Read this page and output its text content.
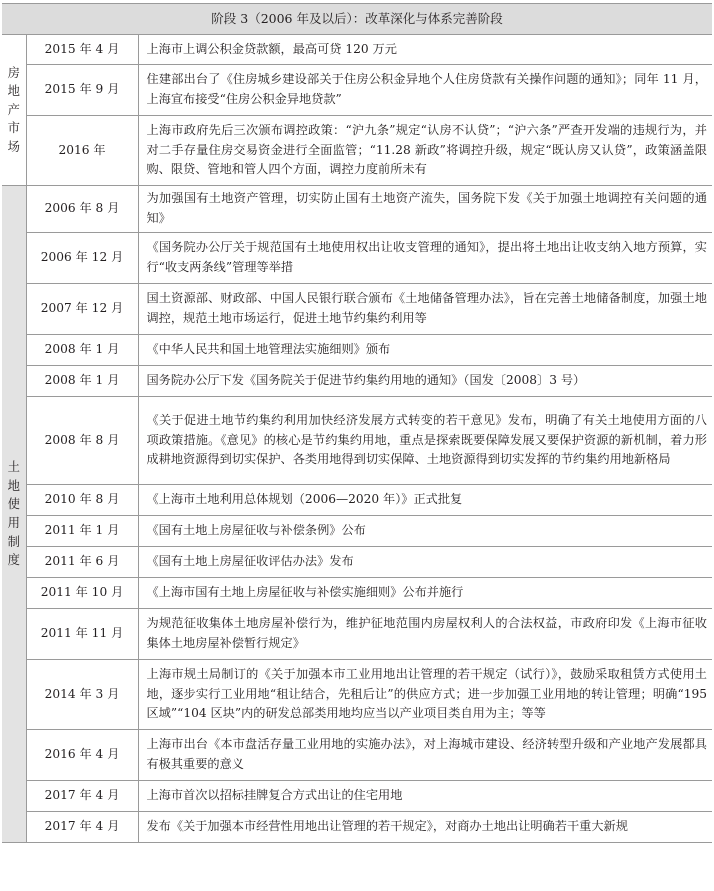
阶段 3（2006 年及以后）：改革深化与体系完善阶段		

房地产市场	2015 年 4 月	上海市上调公积金贷款额，最高可贷 120 万元
	2015 年 9 月	住建部出台了《住房城乡建设部关于住房公积金异地个人住房贷款有关操作问题的通知》；同年 11 月，上海宣布接受“住房公积金异地贷款”
	2016 年	上海市政府先后三次颁布调控政策：“沪九条”规定“认房不认贷”；“沪六条”严查开发端的违规行为，并对二手存量住房交易资金进行全面监管；“11.28 新政”将调控升级，规定“既认房又认贷”，政策涵盖限购、限贷、管地和管人四个方面，调控力度前所未有

土地使用制度	2006 年 8 月	为加强国有土地资产管理，切实防止国有土地资产流失，国务院下发《关于加强土地调控有关问题的通知》
	2006 年 12 月	《国务院办公厅关于规范国有土地使用权出让收支管理的通知》，提出将土地出让收支纳入地方预算，实行“收支两条线”管理等举措
	2007 年 12 月	国土资源部、财政部、中国人民银行联合颁布《土地储备管理办法》，旨在完善土地储备制度，加强土地调控，规范土地市场运行，促进土地节约集约利用等
	2008 年 1 月	《中华人民共和国土地管理法实施细则》颁布
	2008 年 1 月	国务院办公厅下发《国务院关于促进节约集约用地的通知》（国发〔2008〕3 号）
	2008 年 8 月	《关于促进土地节约集约利用加快经济发展方式转变的若干意见》发布，明确了有关土地使用方面的八项政策措施。《意见》的核心是节约集约用地，重点是探索既要保障发展又要保护资源的新机制，着力形成耕地资源得到切实保护、各类用地得到切实保障、土地资源得到切实发挥的节约集约用地新格局
	2010 年 8 月	《上海市土地利用总体规划（2006—2020 年）》正式批复
	2011 年 1 月	《国有土地上房屋征收与补偿条例》公布
	2011 年 6 月	《国有土地上房屋征收评估办法》发布
	2011 年 10 月	《上海市国有土地上房屋征收与补偿实施细则》公布并施行
	2011 年 11 月	为规范征收集体土地房屋补偿行为，维护征地范围内房屋权利人的合法权益，市政府印发《上海市征收集体土地房屋补偿暂行规定》
	2014 年 3 月	上海市规土局制订的《关于加强本市工业用地出让管理的若干规定（试行）》，鼓励采取租赁方式使用土地，逐步实行工业用地“租让结合，先租后让”的供应方式；进一步加强工业用地的转让管理；明确“195 区域”“104 区块”内的研发总部类用地均应当以产业项目类自用为主；等等
	2016 年 4 月	上海市出台《本市盘活存量工业用地的实施办法》，对上海城市建设、经济转型升级和产业地产发展都具有极其重要的意义
	2017 年 4 月	上海市首次以招标挂牌复合方式出让的住宅用地
	2017 年 4 月	发布《关于加强本市经营性用地出让管理的若干规定》，对商办土地出让明确若干重大新规
